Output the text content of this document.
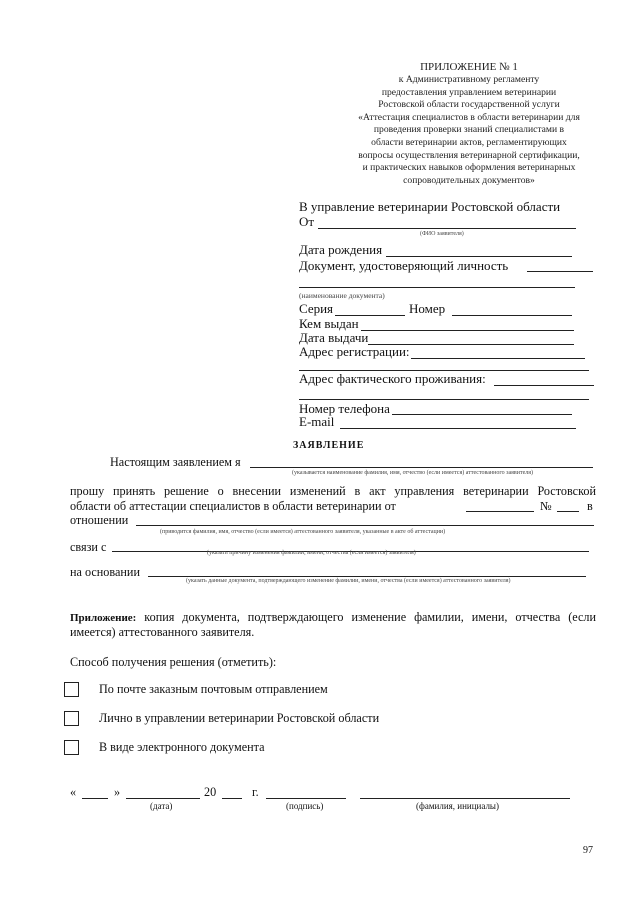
ПРИЛОЖЕНИЕ № 1
к Административному регламенту
предоставления управлением ветеринарии
Ростовской области государственной услуги
«Аттестация специалистов в области ветеринарии для
проведения проверки знаний специалистами в
области ветеринарии актов, регламентирующих
вопросы осуществления ветеринарной сертификации,
и практических навыков оформления ветеринарных
сопроводительных документов»
В управление ветеринарии Ростовской области
От
(ФИО заявителя)
Дата рождения
Документ, удостоверяющий личность
(наименование документа)
Серия	Номер
Кем выдан
Дата выдачи
Адрес регистрации:
Адрес фактического проживания:
Номер телефона
E-mail
ЗАЯВЛЕНИЕ
Настоящим заявлением я
(указывается наименование фамилия, имя, отчество (если имеется) аттестованного заявителя)
прошу принять решение о внесении изменений в акт управления ветеринарии Ростовской
области об аттестации специалистов в области ветеринарии от	№	в
отношении
(приводится фамилия, имя, отчество (если имеется) аттестованного заявителя, указанные в акте об аттестации)
связи с	(указать причину изменения фамилии, имени, отчества (если имеется) заявителя)
на основании
(указать данные документа, подтверждающего изменение фамилии, имени, отчества (если имеется) аттестованного заявителя)
Приложение: копия документа, подтверждающего изменение фамилии, имени, отчества (если
имеется) аттестованного заявителя.
Способ получения решения (отметить):
По почте заказным почтовым отправлением
Лично в управлении ветеринарии Ростовской области
В виде электронного документа
«	»	20	г.
(дата)	(подпись)	(фамилия, инициалы)
97
